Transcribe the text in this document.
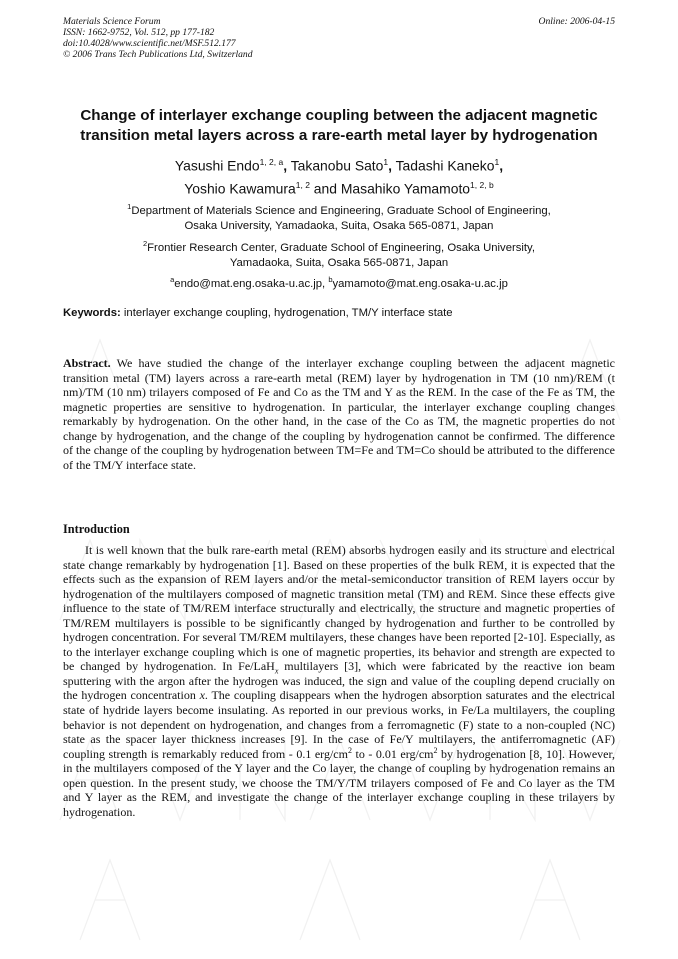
Materials Science Forum
ISSN: 1662-9752, Vol. 512, pp 177-182
doi:10.4028/www.scientific.net/MSF.512.177
© 2006 Trans Tech Publications Ltd, Switzerland
Online: 2006-04-15
Change of interlayer exchange coupling between the adjacent magnetic
transition metal layers across a rare-earth metal layer by hydrogenation
Yasushi Endo$^{1, 2, a}$, Takanobu Sato$^1$, Tadashi Kaneko$^1$,
Yoshio Kawamura$^{1, 2}$ and Masahiko Yamamoto$^{1, 2, b}$
$^1$Department of Materials Science and Engineering, Graduate School of Engineering,
Osaka University, Yamadaoka, Suita, Osaka 565-0871, Japan
$^2$Frontier Research Center, Graduate School of Engineering, Osaka University,
Yamadaoka, Suita, Osaka 565-0871, Japan
$^a$endo@mat.eng.osaka-u.ac.jp, $^b$yamamoto@mat.eng.osaka-u.ac.jp
Keywords: interlayer exchange coupling, hydrogenation, TM/Y interface state

Abstract. We have studied the change of the interlayer exchange coupling between the adjacent magnetic transition metal (TM) layers across a rare-earth metal (REM) layer by hydrogenation in TM (10 nm)/REM (t nm)/TM (10 nm) trilayers composed of Fe and Co as the TM and Y as the REM. In the case of the Fe as TM, the magnetic properties are sensitive to hydrogenation. In particular, the interlayer exchange coupling changes remarkably by hydrogenation. On the other hand, in the case of the Co as TM, the magnetic properties do not change by hydrogenation, and the change of the coupling by hydrogenation cannot be confirmed. The difference of the change of the coupling by hydrogenation between TM=Fe and TM=Co should be attributed to the difference of the TM/Y interface state.

Introduction

It is well known that the bulk rare-earth metal (REM) absorbs hydrogen easily and its structure and electrical state change remarkably by hydrogenation [1]. Based on these properties of the bulk REM, it is expected that the effects such as the expansion of REM layers and/or the metal-semiconductor transition of REM layers occur by hydrogenation of the multilayers composed of magnetic transition metal (TM) and REM. Since these effects give influence to the state of TM/REM interface structurally and electrically, the structure and magnetic properties of TM/REM multilayers is possible to be significantly changed by hydrogenation and further to be controlled by hydrogen concentration. For several TM/REM multilayers, these changes have been reported [2-10]. Especially, as to the interlayer exchange coupling which is one of magnetic properties, its behavior and strength are expected to be changed by hydrogenation. In Fe/LaH$_x$ multilayers [3], which were fabricated by the reactive ion beam sputtering with the argon after the hydrogen was induced, the sign and value of the coupling depend crucially on the hydrogen concentration x. The coupling disappears when the hydrogen absorption saturates and the electrical state of hydride layers become insulating. As reported in our previous works, in Fe/La multilayers, the coupling behavior is not dependent on hydrogenation, and changes from a ferromagnetic (F) state to a non-coupled (NC) state as the spacer layer thickness increases [9]. In the case of Fe/Y multilayers, the antiferromagnetic (AF) coupling strength is remarkably reduced from - 0.1 erg/$cm^2$ to - 0.01 erg/$cm^2$ by hydrogenation [8, 10]. However, in the multilayers composed of the Y layer and the Co layer, the change of coupling by hydrogenation remains an open question. In the present study, we choose the TM/Y/TM trilayers composed of Fe and Co layer as the TM and Y layer as the REM, and investigate the change of the interlayer exchange coupling in these trilayers by hydrogenation.
